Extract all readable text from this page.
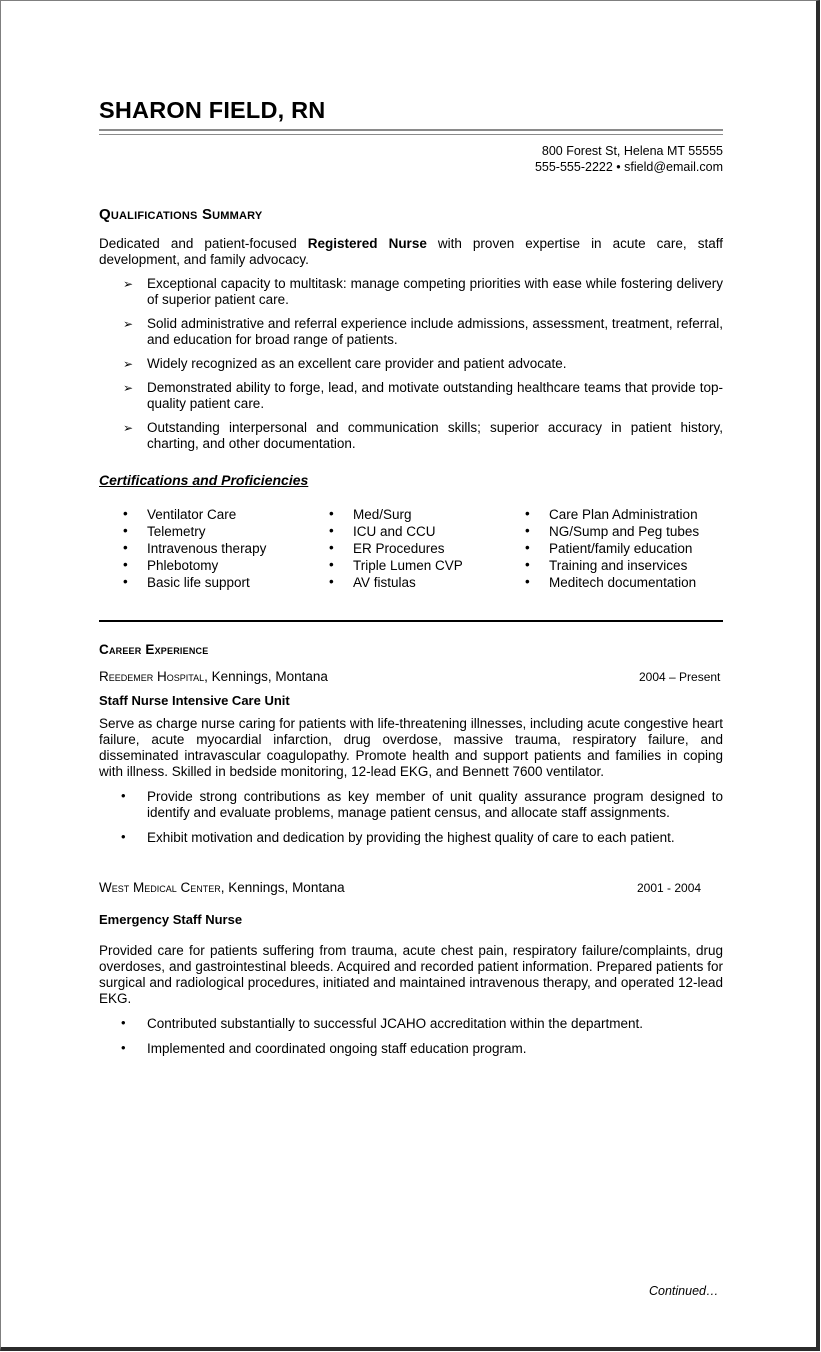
SHARON FIELD, RN
800 Forest St, Helena MT 55555
555-555-2222 • sfield@email.com
Qualifications Summary
Dedicated and patient-focused Registered Nurse with proven expertise in acute care, staff development, and family advocacy.
➢ Exceptional capacity to multitask: manage competing priorities with ease while fostering delivery of superior patient care.
➢ Solid administrative and referral experience include admissions, assessment, treatment, referral, and education for broad range of patients.
➢ Widely recognized as an excellent care provider and patient advocate.
➢ Demonstrated ability to forge, lead, and motivate outstanding healthcare teams that provide top-quality patient care.
➢ Outstanding interpersonal and communication skills; superior accuracy in patient history, charting, and other documentation.
Certifications and Proficiencies
• Ventilator Care
• Telemetry
• Intravenous therapy
• Phlebotomy
• Basic life support
• Med/Surg
• ICU and CCU
• ER Procedures
• Triple Lumen CVP
• AV fistulas
• Care Plan Administration
• NG/Sump and Peg tubes
• Patient/family education
• Training and inservices
• Meditech documentation
Career Experience
Reedemer Hospital, Kennings, Montana	2004 – Present
Staff Nurse Intensive Care Unit
Serve as charge nurse caring for patients with life-threatening illnesses, including acute congestive heart failure, acute myocardial infarction, drug overdose, massive trauma, respiratory failure, and disseminated intravascular coagulopathy. Promote health and support patients and families in coping with illness. Skilled in bedside monitoring, 12-lead EKG, and Bennett 7600 ventilator.
• Provide strong contributions as key member of unit quality assurance program designed to identify and evaluate problems, manage patient census, and allocate staff assignments.
• Exhibit motivation and dedication by providing the highest quality of care to each patient.
West Medical Center, Kennings, Montana	2001 - 2004
Emergency Staff Nurse
Provided care for patients suffering from trauma, acute chest pain, respiratory failure/complaints, drug overdoses, and gastrointestinal bleeds. Acquired and recorded patient information. Prepared patients for surgical and radiological procedures, initiated and maintained intravenous therapy, and operated 12-lead EKG.
• Contributed substantially to successful JCAHO accreditation within the department.
• Implemented and coordinated ongoing staff education program.
Continued…
